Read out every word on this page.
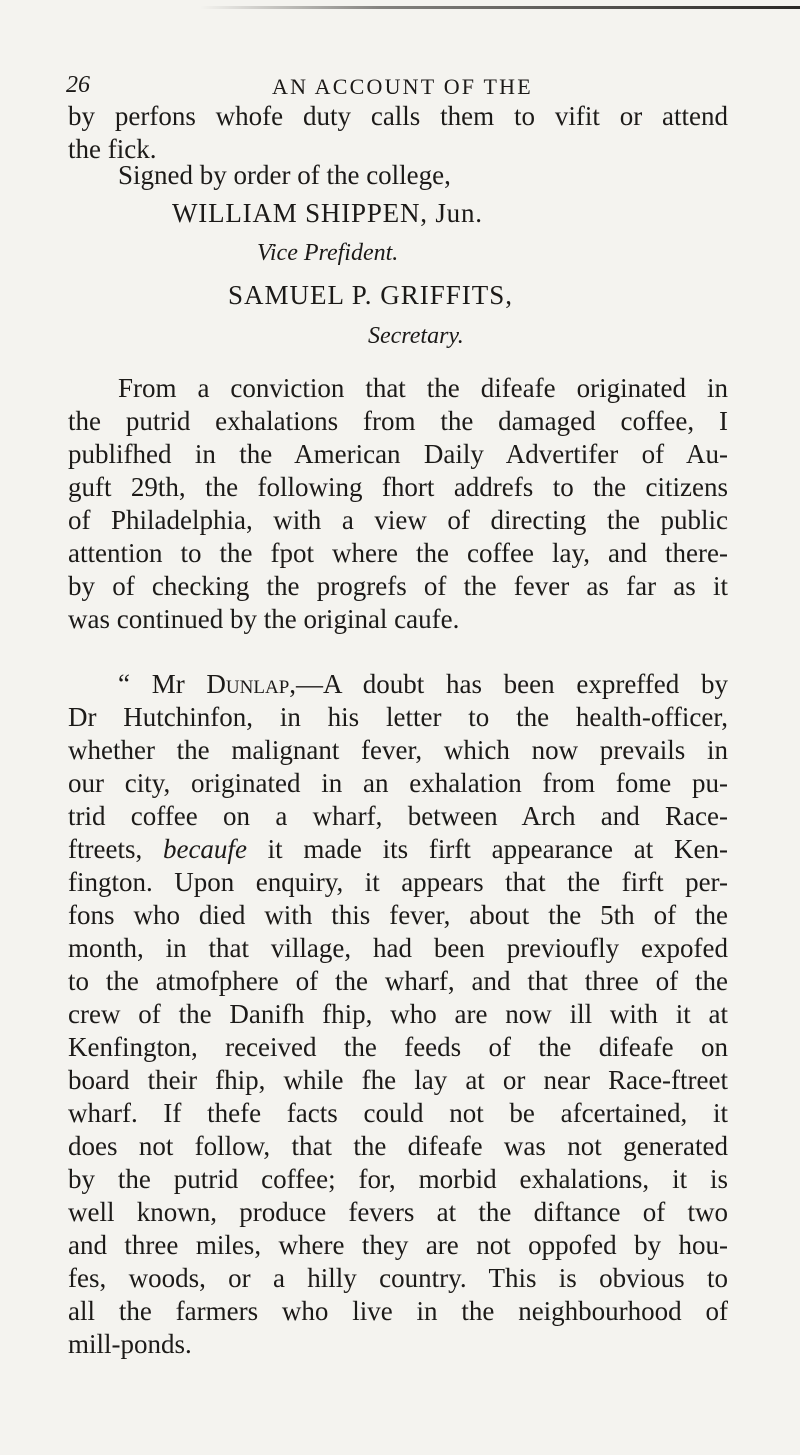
26	AN ACCOUNT OF THE
by perfons whofe duty calls them to vifit or attend
the fick.
Signed by order of the college,
WILLIAM SHIPPEN, Jun.
Vice Prefident.
SAMUEL P. GRIFFITS,
Secretary.
From a conviction that the difeafe originated in
the putrid exhalations from the damaged coffee, I
publifhed in the American Daily Advertifer of Au-
guft 29th, the following fhort addrefs to the citizens
of Philadelphia, with a view of directing the public
attention to the fpot where the coffee lay, and there-
by of checking the progrefs of the fever as far as it
was continued by the original caufe.
“ Mr Dunlap,—A doubt has been expreffed by
Dr Hutchinfon, in his letter to the health-officer,
whether the malignant fever, which now prevails in
our city, originated in an exhalation from fome pu-
trid coffee on a wharf, between Arch and Race-
ftreets, becaufe it made its firft appearance at Ken-
fington. Upon enquiry, it appears that the firft per-
fons who died with this fever, about the 5th of the
month, in that village, had been previoufly expofed
to the atmofphere of the wharf, and that three of the
crew of the Danifh fhip, who are now ill with it at
Kenfington, received the feeds of the difeafe on
board their fhip, while fhe lay at or near Race-ftreet
wharf. If thefe facts could not be afcertained, it
does not follow, that the difeafe was not generated
by the putrid coffee; for, morbid exhalations, it is
well known, produce fevers at the diftance of two
and three miles, where they are not oppofed by hou-
fes, woods, or a hilly country. This is obvious to
all the farmers who live in the neighbourhood of
mill-ponds.
